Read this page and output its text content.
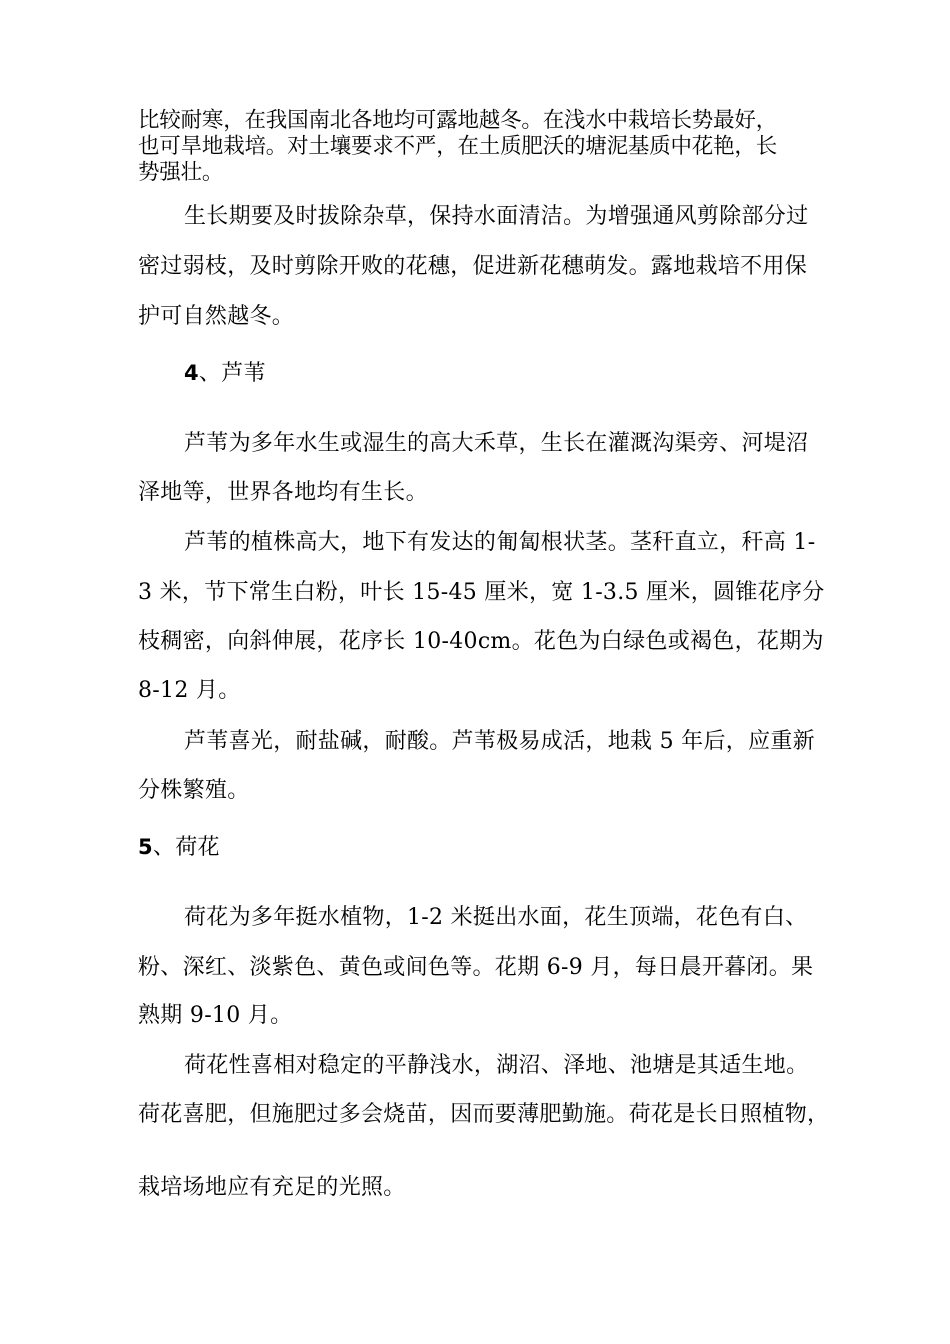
比较耐寒，在我国南北各地均可露地越冬。在浅水中栽培长势最好，
也可旱地栽培。对土壤要求不严，在土质肥沃的塘泥基质中花艳，长
势强壮。
生长期要及时拔除杂草，保持水面清洁。为增强通风剪除部分过
密过弱枝，及时剪除开败的花穗，促进新花穗萌发。露地栽培不用保
护可自然越冬。
4、芦苇
芦苇为多年水生或湿生的高大禾草，生长在灌溉沟渠旁、河堤沼
泽地等，世界各地均有生长。
芦苇的植株高大，地下有发达的匍匐根状茎。茎秆直立，秆高 1-
3 米，节下常生白粉，叶长 15-45 厘米，宽 1-3.5 厘米，圆锥花序分
枝稠密，向斜伸展，花序长 10-40cm。花色为白绿色或褐色，花期为
8-12 月。
芦苇喜光，耐盐碱，耐酸。芦苇极易成活，地栽 5 年后，应重新
分株繁殖。
5、荷花
荷花为多年挺水植物，1-2 米挺出水面，花生顶端，花色有白、
粉、深红、淡紫色、黄色或间色等。花期 6-9 月，每日晨开暮闭。果
熟期 9-10 月。
荷花性喜相对稳定的平静浅水，湖沼、泽地、池塘是其适生地。
荷花喜肥，但施肥过多会烧苗，因而要薄肥勤施。荷花是长日照植物，
栽培场地应有充足的光照。
